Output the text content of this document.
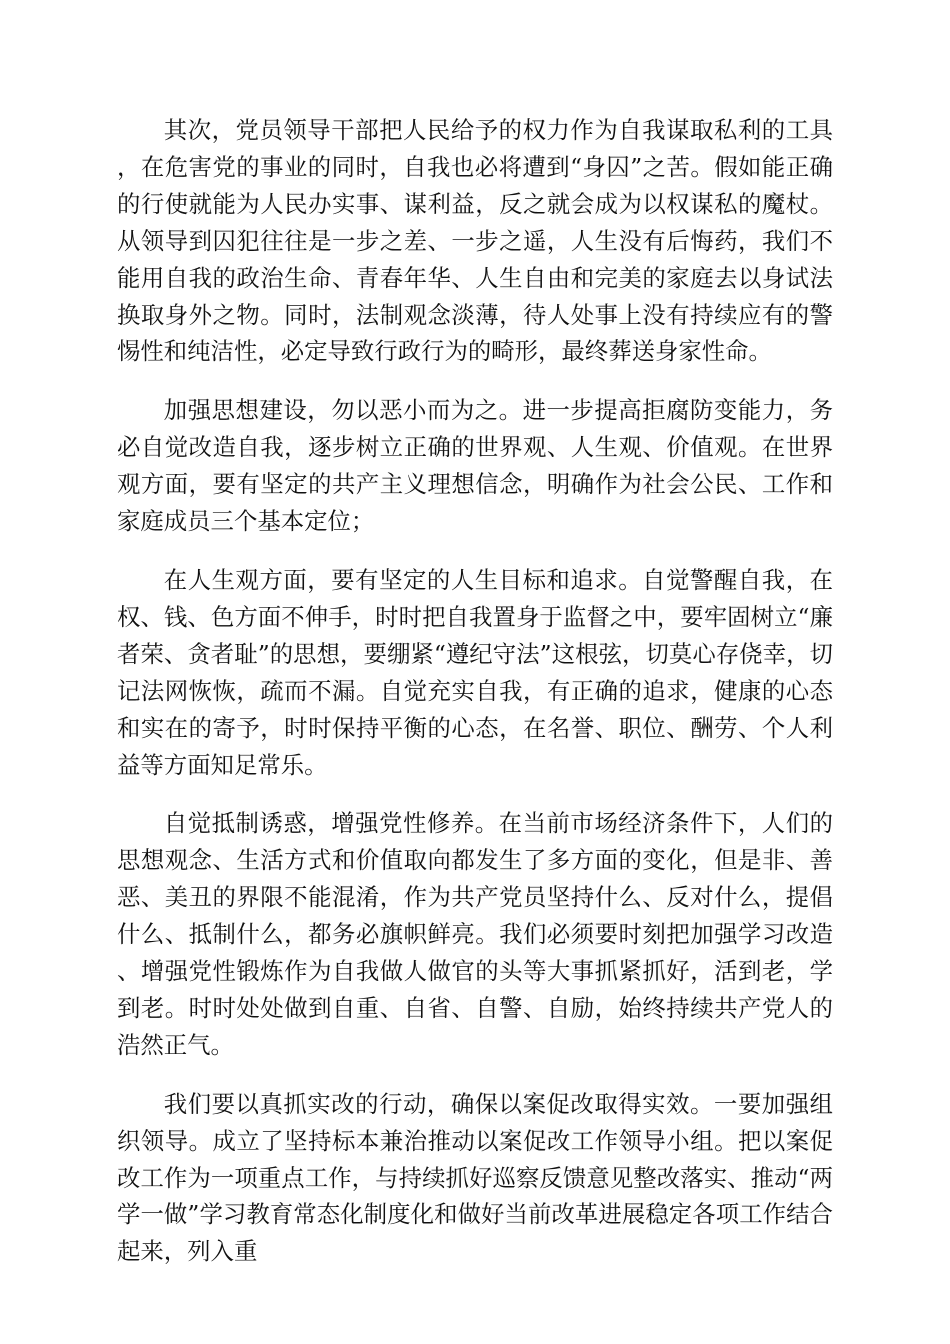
其次，党员领导干部把人民给予的权力作为自我谋取私利的工具，在危害党的事业的同时，自我也必将遭到“身囚”之苦。假如能正确的行使就能为人民办实事、谋利益，反之就会成为以权谋私的魔杖。从领导到囚犯往往是一步之差、一步之遥，人生没有后悔药，我们不能用自我的政治生命、青春年华、人生自由和完美的家庭去以身试法换取身外之物。同时，法制观念淡薄，待人处事上没有持续应有的警惕性和纯洁性，必定导致行政行为的畸形，最终葬送身家性命。

加强思想建设，勿以恶小而为之。进一步提高拒腐防变能力，务必自觉改造自我，逐步树立正确的世界观、人生观、价值观。在世界观方面，要有坚定的共产主义理想信念，明确作为社会公民、工作和家庭成员三个基本定位；

在人生观方面，要有坚定的人生目标和追求。自觉警醒自我，在权、钱、色方面不伸手，时时把自我置身于监督之中，要牢固树立“廉者荣、贪者耻”的思想，要绷紧“遵纪守法”这根弦，切莫心存侥幸，切记法网恢恢，疏而不漏。自觉充实自我，有正确的追求，健康的心态和实在的寄予，时时保持平衡的心态，在名誉、职位、酬劳、个人利益等方面知足常乐。

自觉抵制诱惑，增强党性修养。在当前市场经济条件下，人们的思想观念、生活方式和价值取向都发生了多方面的变化，但是非、善恶、美丑的界限不能混淆，作为共产党员坚持什么、反对什么，提倡什么、抵制什么，都务必旗帜鲜亮。我们必须要时刻把加强学习改造、增强党性锻炼作为自我做人做官的头等大事抓紧抓好，活到老，学到老。时时处处做到自重、自省、自警、自励，始终持续共产党人的浩然正气。

我们要以真抓实改的行动，确保以案促改取得实效。一要加强组织领导。成立了坚持标本兼治推动以案促改工作领导小组。把以案促改工作为一项重点工作，与持续抓好巡察反馈意见整改落实、推动“两学一做”学习教育常态化制度化和做好当前改革进展稳定各项工作结合起来，列入重
